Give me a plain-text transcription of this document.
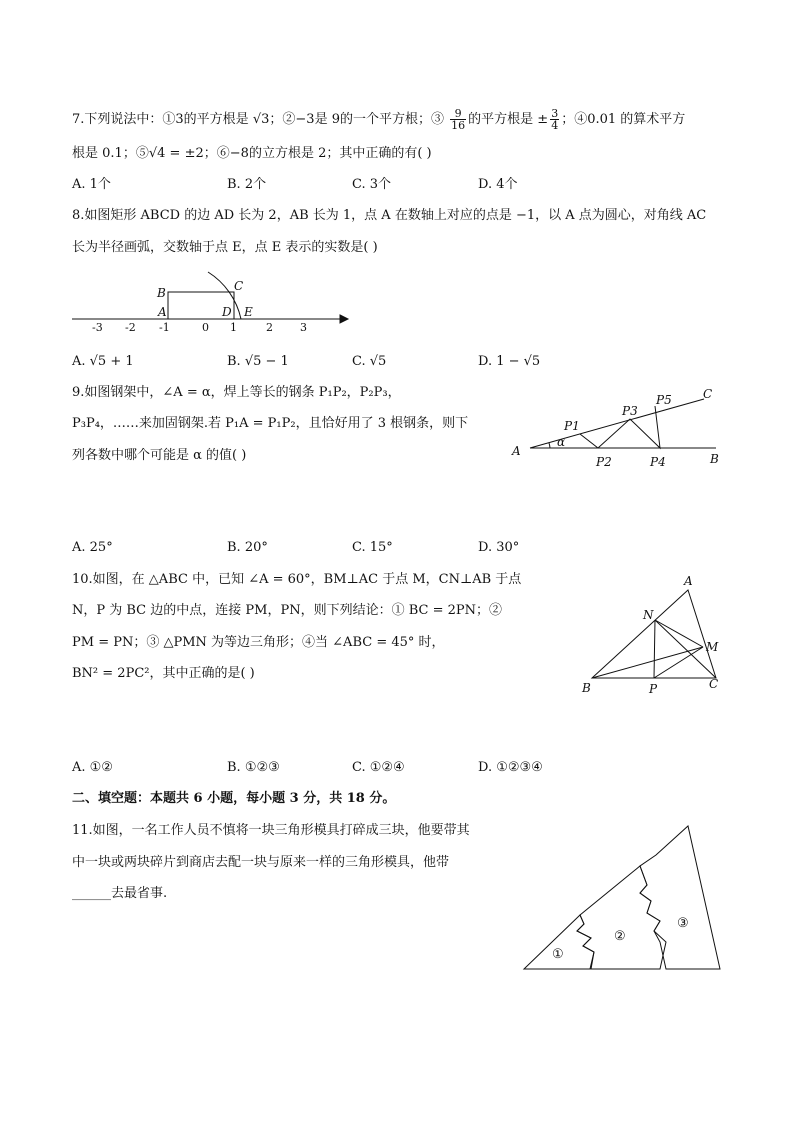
7.下列说法中：①3的平方根是 √3；②−3是 9的一个平方根；③ $\frac{9}{16}$ 的平方根是 ± $\frac{3}{4}$ ；④0.01 的算术平方
根是 0.1；⑤√4 = ±2；⑥−8的立方根是 2；其中正确的有( )
A. 1个	B. 2个	C. 3个	D. 4个
8.如图矩形 ABCD 的边 AD 长为 2，AB 长为 1，点 A 在数轴上对应的点是 −1，以 A 点为圆心，对角线 AC
长为半径画弧，交数轴于点 E，点 E 表示的实数是( )
-3 -2 -1	0 1	2 3
B	C
A	D E
A. √5 + 1	B. √5 − 1	C. √5	D. 1 − √5
9.如图钢架中，∠A = α，焊上等长的钢条 P₁P₂，P₂P₃，
P₃P₄，……来加固钢架.若 P₁A = P₁P₂，且恰好用了 3 根钢条，则下
列各数中哪个可能是 α 的值( )	A
B
C
α
P1
P2
P3
P4
P5
A. 25°	B. 20°	C. 15°	D. 30°
10.如图，在 △ABC 中，已知 ∠A = 60°，BM⊥AC 于点 M，CN⊥AB 于点
N，P 为 BC 边的中点，连接 PM，PN，则下列结论：① BC = 2PN；②
PM = PN；③ △PMN 为等边三角形；④当 ∠ABC = 45° 时，
BN² = 2PC²，其中正确的是( )
A
N
M
B	P	C
A. ①②	B. ①②③	C. ①②④	D. ①②③④
二、填空题：本题共 6 小题，每小题 3 分，共 18 分。
11.如图，一名工作人员不慎将一块三角形模具打碎成三块，他要带其
中一块或两块碎片到商店去配一块与原来一样的三角形模具，他带
______去最省事.
①
②
③
